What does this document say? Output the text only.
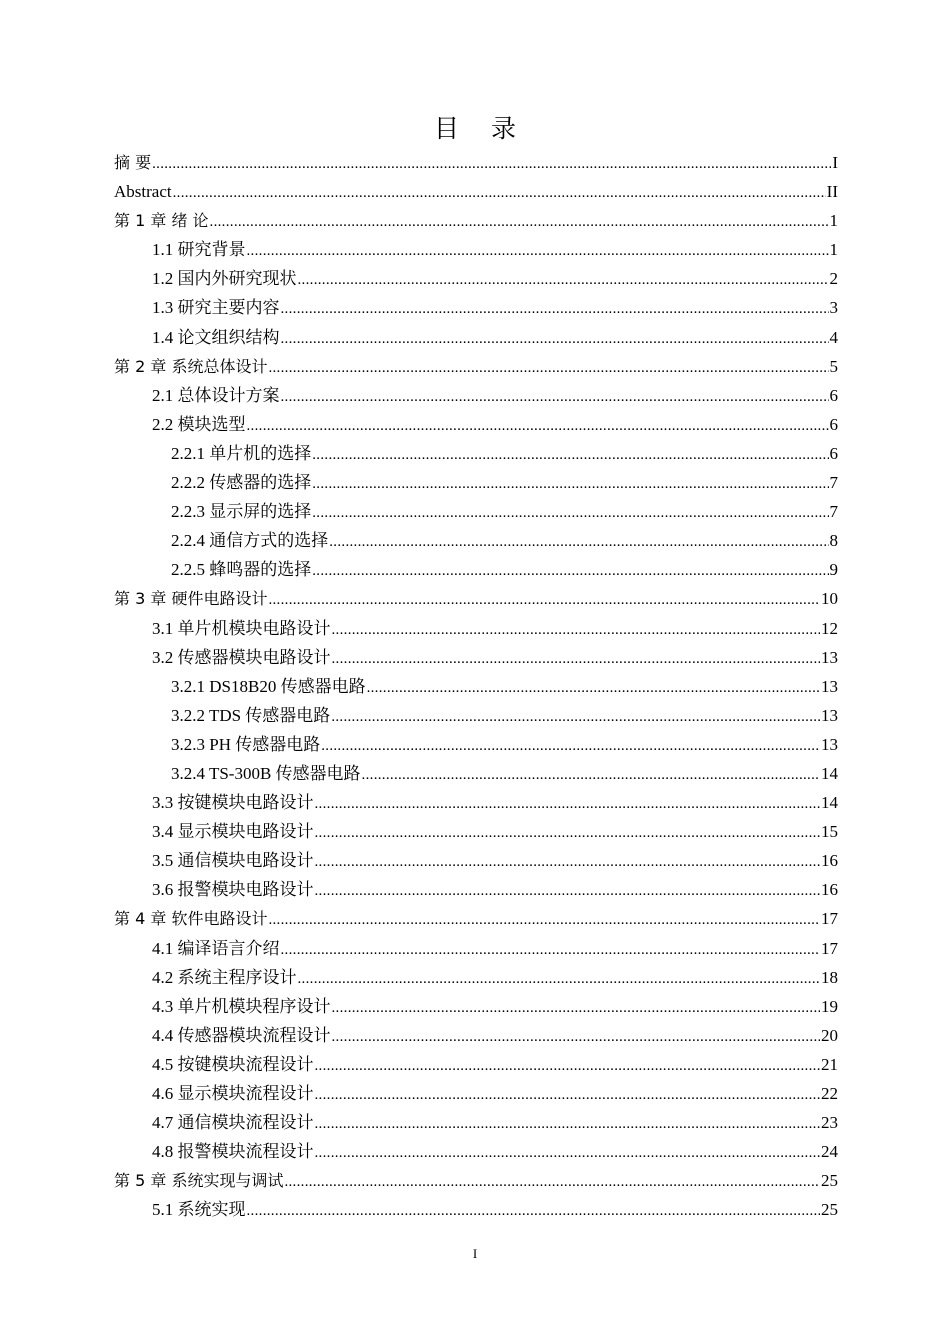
目 录
摘 要 .....	I
Abstract .....	II
第 1 章 绪 论 .....	1
1.1 研究背景 .....	1
1.2 国内外研究现状 .....	2
1.3 研究主要内容 .....	3
1.4 论文组织结构 .....	4
第 2 章 系统总体设计 .....	5
2.1 总体设计方案 .....	6
2.2 模块选型 .....	6
2.2.1 单片机的选择 .....	6
2.2.2 传感器的选择 .....	7
2.2.3 显示屏的选择 .....	7
2.2.4 通信方式的选择 .....	8
2.2.5 蜂鸣器的选择 .....	9
第 3 章 硬件电路设计 .....	10
3.1 单片机模块电路设计 .....	12
3.2 传感器模块电路设计 .....	13
3.2.1 DS18B20 传感器电路 .....	13
3.2.2 TDS 传感器电路 .....	13
3.2.3 PH 传感器电路 .....	13
3.2.4 TS-300B 传感器电路 .....	14
3.3 按键模块电路设计 .....	14
3.4 显示模块电路设计 .....	15
3.5 通信模块电路设计 .....	16
3.6 报警模块电路设计 .....	16
第 4 章 软件电路设计 .....	17
4.1 编译语言介绍 .....	17
4.2 系统主程序设计 .....	18
4.3 单片机模块程序设计 .....	19
4.4 传感器模块流程设计 .....	20
4.5 按键模块流程设计 .....	21
4.6 显示模块流程设计 .....	22
4.7 通信模块流程设计 .....	23
4.8 报警模块流程设计 .....	24
第 5 章 系统实现与调试 .....	25
5.1 系统实现 .....	25
I
